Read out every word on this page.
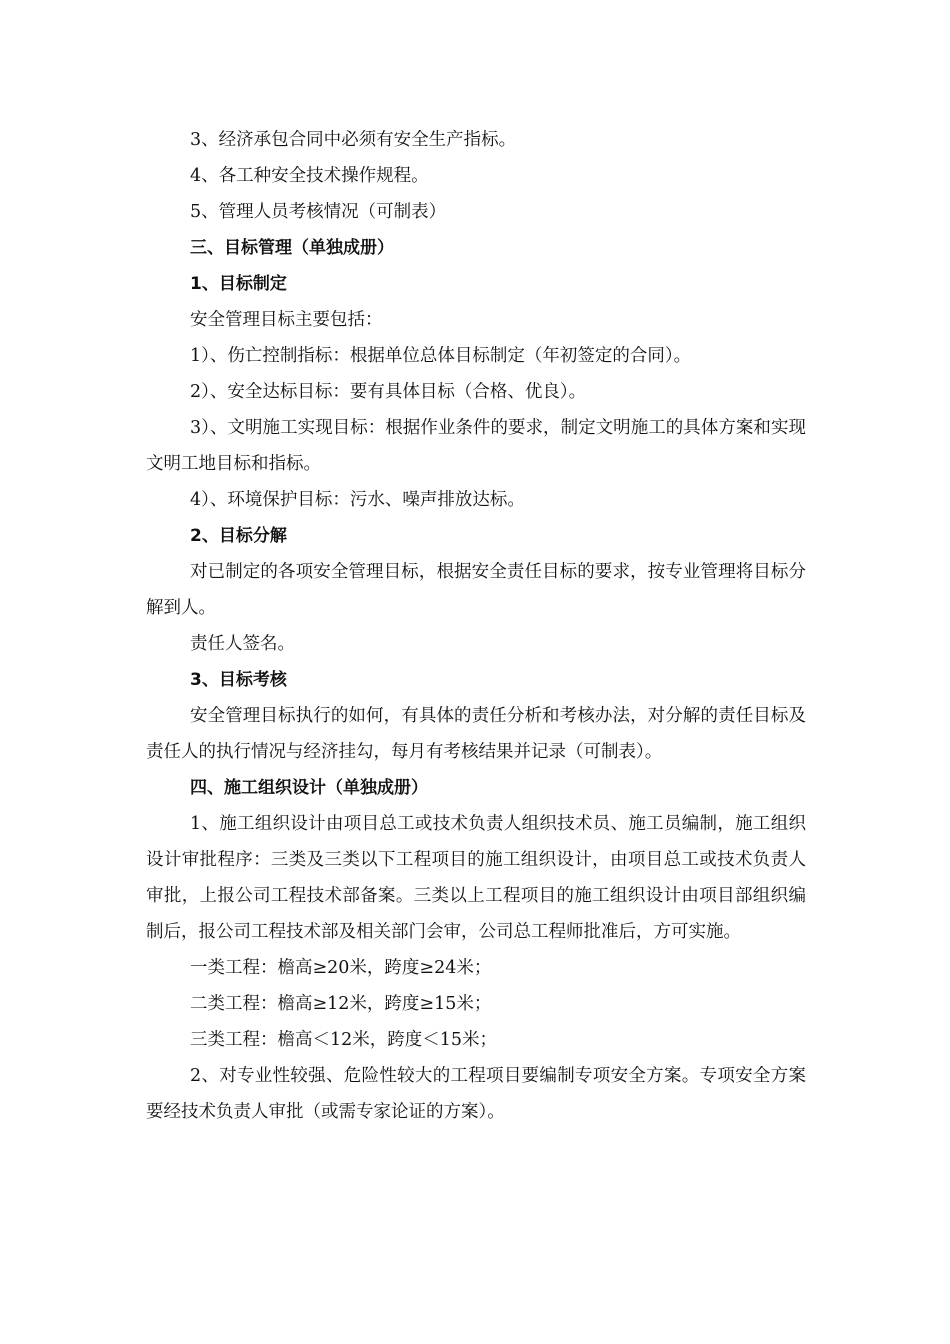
3、经济承包合同中必须有安全生产指标。

4、各工种安全技术操作规程。

5、管理人员考核情况（可制表）

三、目标管理（单独成册）

1、目标制定

安全管理目标主要包括：

1）、伤亡控制指标：根据单位总体目标制定（年初签定的合同）。

2）、安全达标目标：要有具体目标（合格、优良）。

3）、文明施工实现目标：根据作业条件的要求，制定文明施工的具体方案和实现文明工地目标和指标。

4）、环境保护目标：污水、噪声排放达标。

2、目标分解

对已制定的各项安全管理目标，根据安全责任目标的要求，按专业管理将目标分解到人。

责任人签名。

3、目标考核

安全管理目标执行的如何，有具体的责任分析和考核办法，对分解的责任目标及责任人的执行情况与经济挂勾，每月有考核结果并记录（可制表）。

四、施工组织设计（单独成册）

1、施工组织设计由项目总工或技术负责人组织技术员、施工员编制，施工组织设计审批程序：三类及三类以下工程项目的施工组织设计，由项目总工或技术负责人审批，上报公司工程技术部备案。三类以上工程项目的施工组织设计由项目部组织编制后，报公司工程技术部及相关部门会审，公司总工程师批准后，方可实施。

一类工程：檐高≥20米，跨度≥24米；

二类工程：檐高≥12米，跨度≥15米；

三类工程：檐高＜12米，跨度＜15米；

2、对专业性较强、危险性较大的工程项目要编制专项安全方案。专项安全方案要经技术负责人审批（或需专家论证的方案）。
